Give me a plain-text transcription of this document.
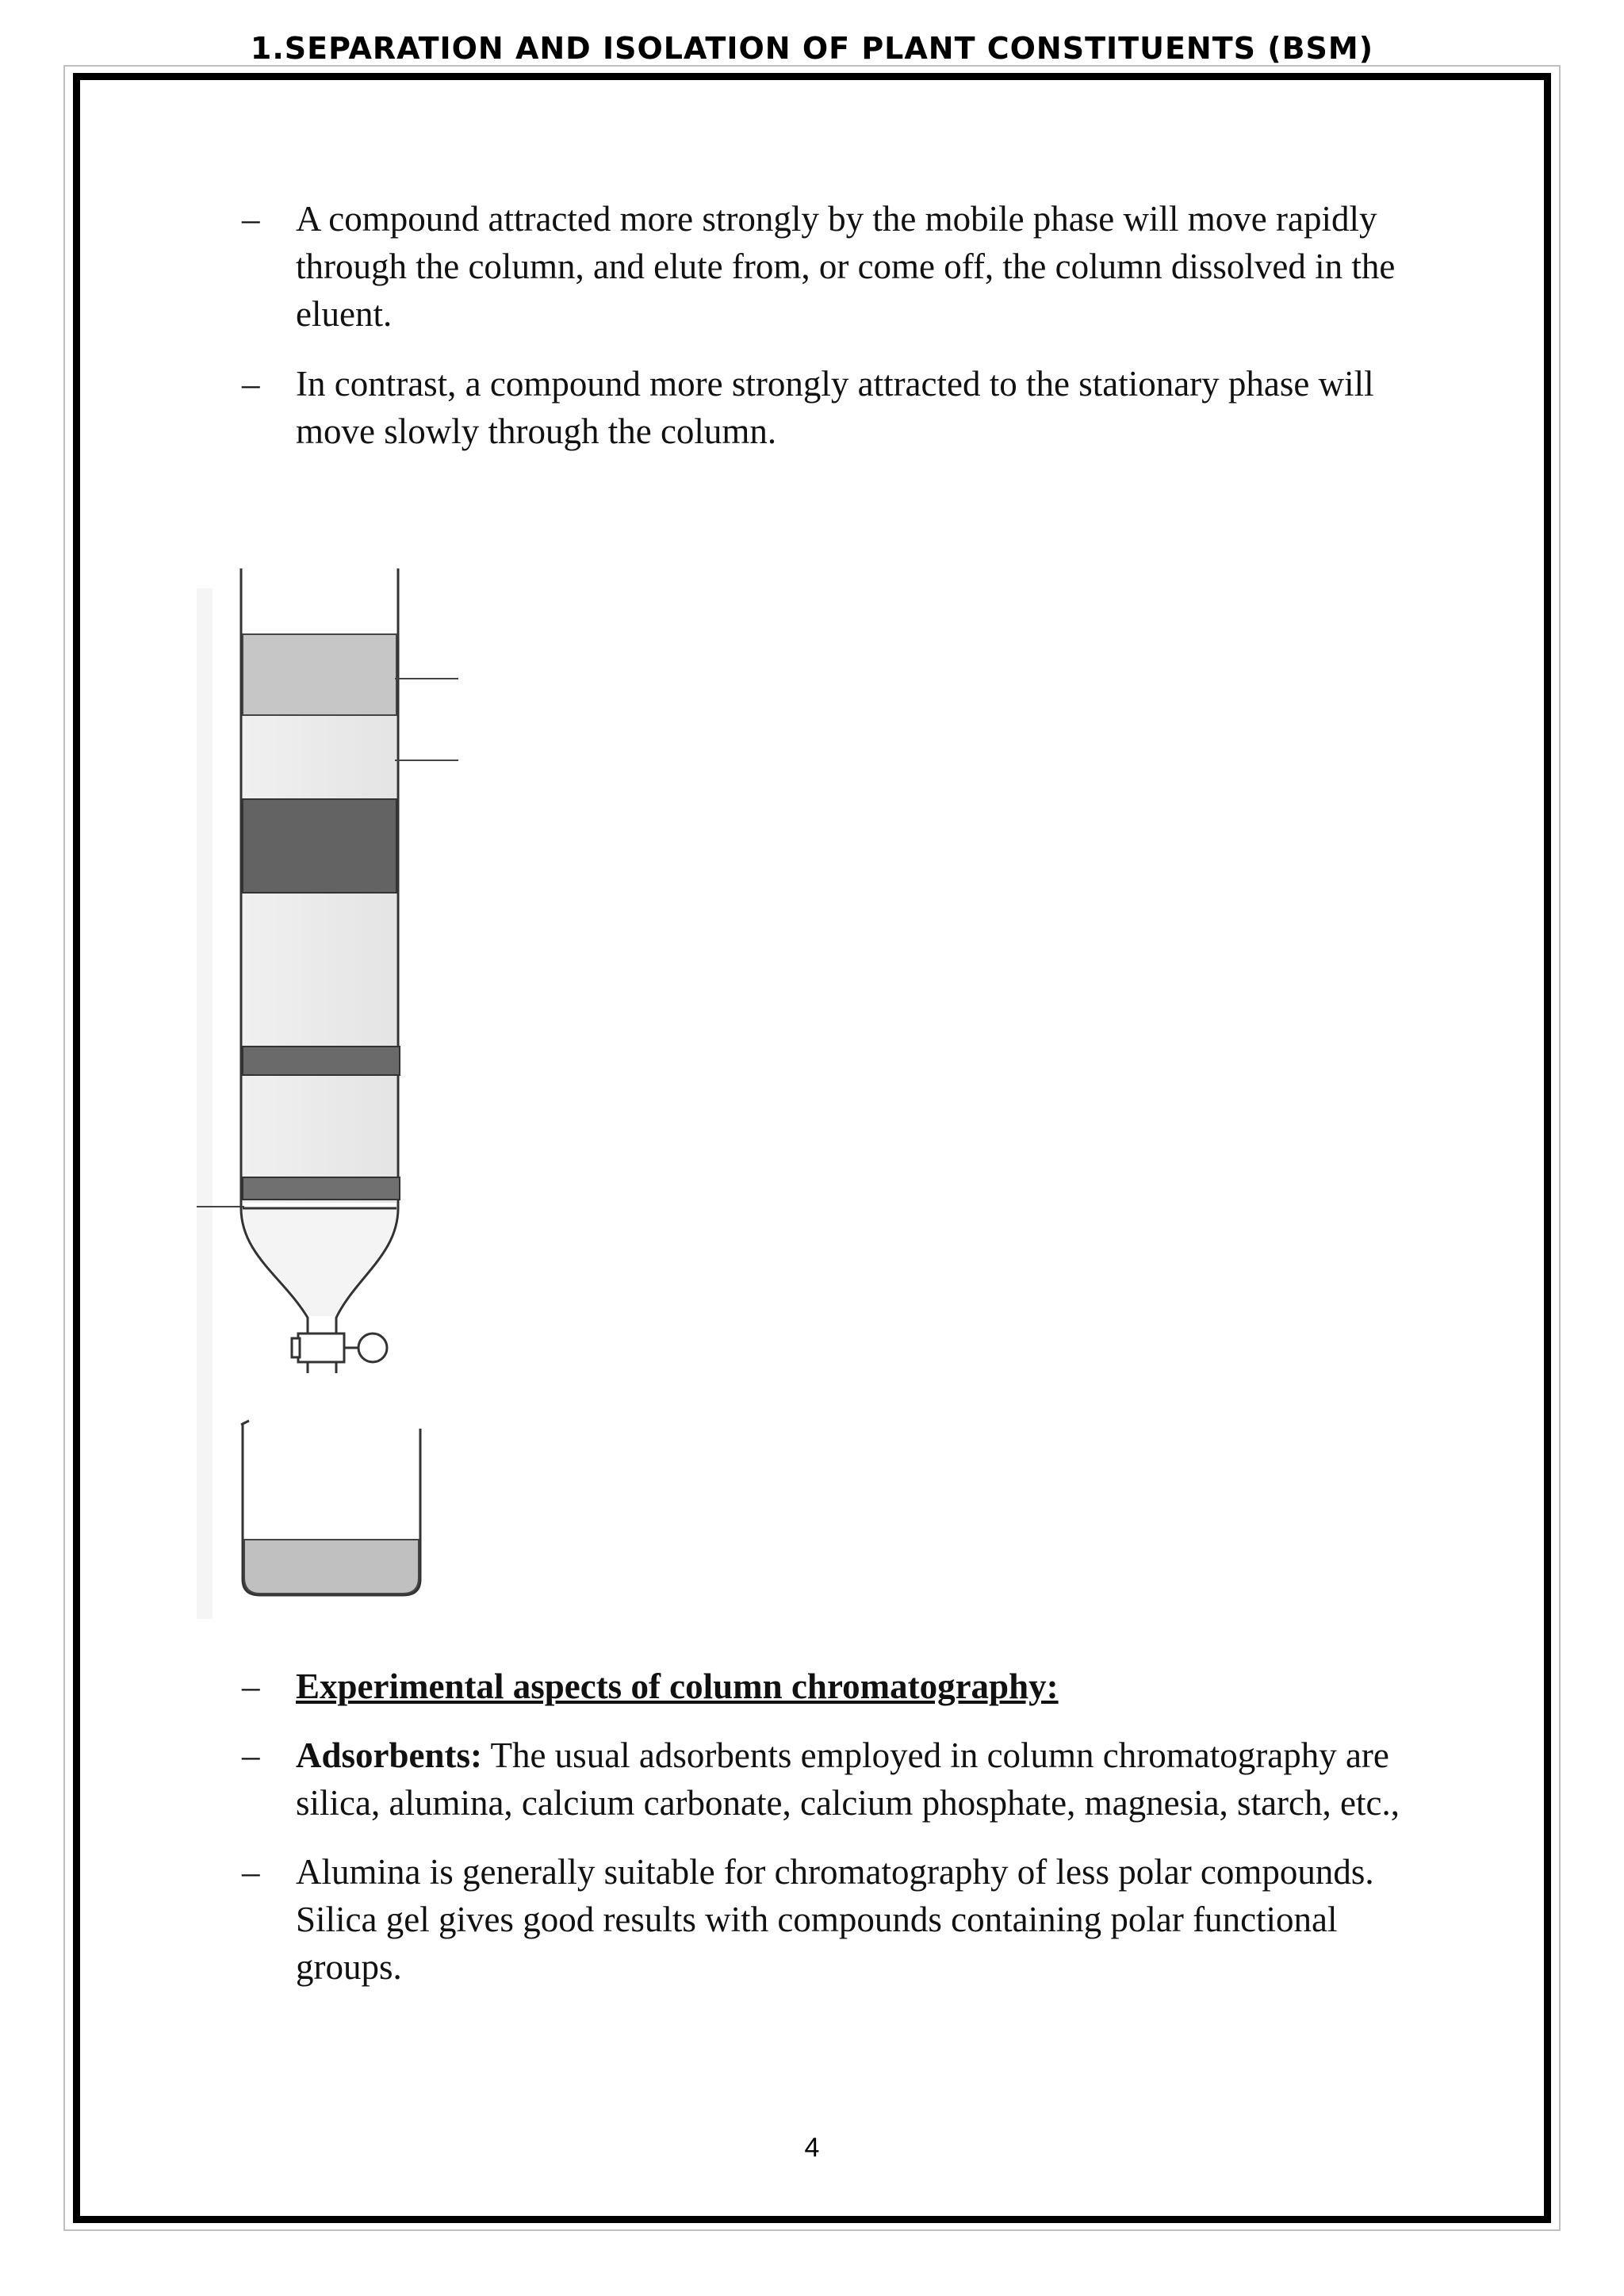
1.SEPARATION AND ISOLATION OF PLANT CONSTITUENTS (BSM)
– A compound attracted more strongly by the mobile phase will move rapidly through the column, and elute from, or come off, the column dissolved in the eluent.
– In contrast, a compound more strongly attracted to the stationary phase will move slowly through the column.
– Experimental aspects of column chromatography:
– Adsorbents: The usual adsorbents employed in column chromatography are silica, alumina, calcium carbonate, calcium phosphate, magnesia, starch, etc.,
– Alumina is generally suitable for chromatography of less polar compounds. Silica gel gives good results with compounds containing polar functional groups.
4
